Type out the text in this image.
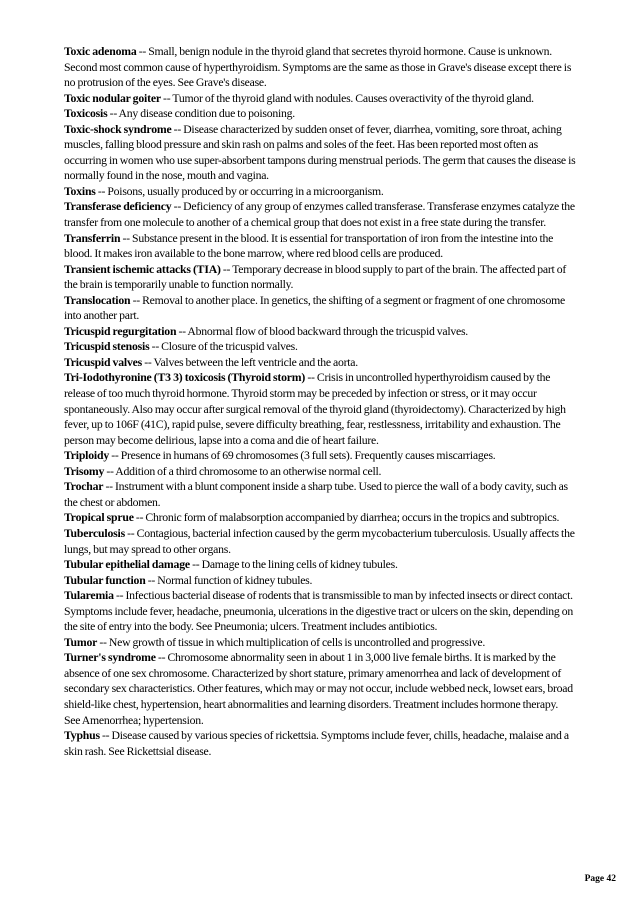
Toxic adenoma -- Small, benign nodule in the thyroid gland that secretes thyroid hormone. Cause is unknown. Second most common cause of hyperthyroidism. Symptoms are the same as those in Grave's disease except there is no protrusion of the eyes. See Grave's disease.
Toxic nodular goiter -- Tumor of the thyroid gland with nodules. Causes overactivity of the thyroid gland.
Toxicosis -- Any disease condition due to poisoning.
Toxic-shock syndrome -- Disease characterized by sudden onset of fever, diarrhea, vomiting, sore throat, aching muscles, falling blood pressure and skin rash on palms and soles of the feet. Has been reported most often as occurring in women who use super-absorbent tampons during menstrual periods. The germ that causes the disease is normally found in the nose, mouth and vagina.
Toxins -- Poisons, usually produced by or occurring in a microorganism.
Transferase deficiency -- Deficiency of any group of enzymes called transferase. Transferase enzymes catalyze the transfer from one molecule to another of a chemical group that does not exist in a free state during the transfer.
Transferrin -- Substance present in the blood. It is essential for transportation of iron from the intestine into the blood. It makes iron available to the bone marrow, where red blood cells are produced.
Transient ischemic attacks (TIA) -- Temporary decrease in blood supply to part of the brain. The affected part of the brain is temporarily unable to function normally.
Translocation -- Removal to another place. In genetics, the shifting of a segment or fragment of one chromosome into another part.
Tricuspid regurgitation -- Abnormal flow of blood backward through the tricuspid valves.
Tricuspid stenosis -- Closure of the tricuspid valves.
Tricuspid valves -- Valves between the left ventricle and the aorta.
Tri-Iodothyronine (T3 3) toxicosis (Thyroid storm) -- Crisis in uncontrolled hyperthyroidism caused by the release of too much thyroid hormone. Thyroid storm may be preceded by infection or stress, or it may occur spontaneously. Also may occur after surgical removal of the thyroid gland (thyroidectomy). Characterized by high fever, up to 106F (41C), rapid pulse, severe difficulty breathing, fear, restlessness, irritability and exhaustion. The person may become delirious, lapse into a coma and die of heart failure.
Triploidy -- Presence in humans of 69 chromosomes (3 full sets). Frequently causes miscarriages.
Trisomy -- Addition of a third chromosome to an otherwise normal cell.
Trochar -- Instrument with a blunt component inside a sharp tube. Used to pierce the wall of a body cavity, such as the chest or abdomen.
Tropical sprue -- Chronic form of malabsorption accompanied by diarrhea; occurs in the tropics and subtropics.
Tuberculosis -- Contagious, bacterial infection caused by the germ mycobacterium tuberculosis. Usually affects the lungs, but may spread to other organs.
Tubular epithelial damage -- Damage to the lining cells of kidney tubules.
Tubular function -- Normal function of kidney tubules.
Tularemia -- Infectious bacterial disease of rodents that is transmissible to man by infected insects or direct contact. Symptoms include fever, headache, pneumonia, ulcerations in the digestive tract or ulcers on the skin, depending on the site of entry into the body. See Pneumonia; ulcers. Treatment includes antibiotics.
Tumor -- New growth of tissue in which multiplication of cells is uncontrolled and progressive.
Turner's syndrome -- Chromosome abnormality seen in about 1 in 3,000 live female births. It is marked by the absence of one sex chromosome. Characterized by short stature, primary amenorrhea and lack of development of secondary sex characteristics. Other features, which may or may not occur, include webbed neck, lowset ears, broad shield-like chest, hypertension, heart abnormalities and learning disorders. Treatment includes hormone therapy. See Amenorrhea; hypertension.
Typhus -- Disease caused by various species of rickettsia. Symptoms include fever, chills, headache, malaise and a skin rash. See Rickettsial disease.
Page 42
